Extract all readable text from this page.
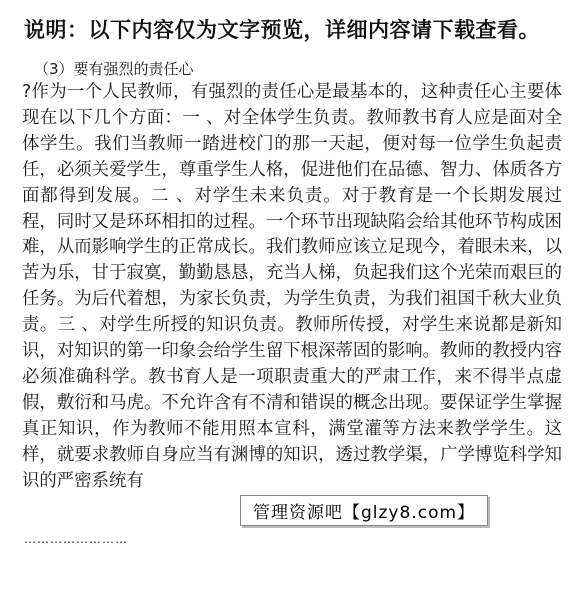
说明：以下内容仅为文字预览，详细内容请下载查看。
（3）要有强烈的责任心

?作为一个人民教师，有强烈的责任心是最基本的，这种责任心主要体现在以下几个方面：一 、对全体学生负责。教师教书育人应是面对全体学生。我们当教师一踏进校门的那一天起，便对每一位学生负起责任，必须关爱学生，尊重学生人格，促进他们在品德、智力、体质各方面都得到发展。二 、对学生未来负责。对于教育是一个长期发展过程，同时又是环环相扣的过程。一个环节出现缺陷会给其他环节构成困难，从而影响学生的正常成长。我们教师应该立足现今，着眼未来，以苦为乐，甘于寂寞，勤勤恳恳，充当人梯，负起我们这个光荣而艰巨的任务。为后代着想，为家长负责，为学生负责，为我们祖国千秋大业负责。三 、对学生所授的知识负责。教师所传授，对学生来说都是新知识，对知识的第一印象会给学生留下根深蒂固的影响。教师的教授内容必须准确科学。教书育人是一项职责重大的严肃工作，来不得半点虚假，敷衍和马虎。不允许含有不清和错误的概念出现。要保证学生掌握真正知识，作为教师不能用照本宣科，满堂灌等方法来教学学生。这样，就要求教师自身应当有渊博的知识，透过教学渠，广学博览科学知识的严密系统有

……………………
管理资源吧【glzy8.com】
